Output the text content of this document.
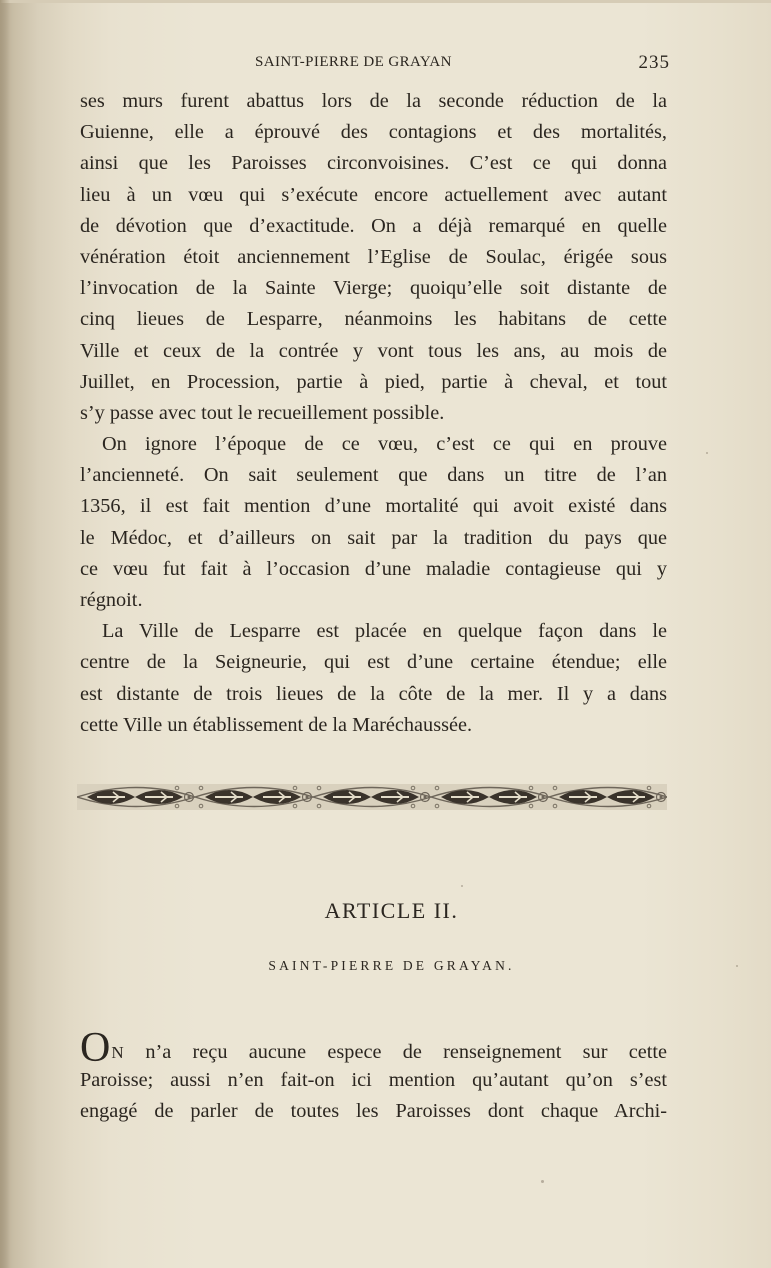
SAINT-PIERRE DE GRAYAN	235
ses murs furent abattus lors de la seconde réduction de la
Guienne, elle a éprouvé des contagions et des mortalités,
ainsi que les Paroisses circonvoisines. C’est ce qui donna
lieu à un vœu qui s’exécute encore actuellement avec autant
de dévotion que d’exactitude. On a déjà remarqué en quelle
vénération étoit anciennement l’Eglise de Soulac, érigée sous
l’invocation de la Sainte Vierge; quoiqu’elle soit distante de
cinq lieues de Lesparre, néanmoins les habitans de cette
Ville et ceux de la contrée y vont tous les ans, au mois de
Juillet, en Procession, partie à pied, partie à cheval, et tout
s’y passe avec tout le recueillement possible.
On ignore l’époque de ce vœu, c’est ce qui en prouve
l’ancienneté. On sait seulement que dans un titre de l’an
1356, il est fait mention d’une mortalité qui avoit existé dans
le Médoc, et d’ailleurs on sait par la tradition du pays que
ce vœu fut fait à l’occasion d’une maladie contagieuse qui y
régnoit.
La Ville de Lesparre est placée en quelque façon dans le
centre de la Seigneurie, qui est d’une certaine étendue; elle
est distante de trois lieues de la côte de la mer. Il y a dans
cette Ville un établissement de la Maréchaussée.
ARTICLE II.
SAINT-PIERRE DE GRAYAN.
ON n’a reçu aucune espece de renseignement sur cette
Paroisse; aussi n’en fait-on ici mention qu’autant qu’on s’est
engagé de parler de toutes les Paroisses dont chaque Archi-
